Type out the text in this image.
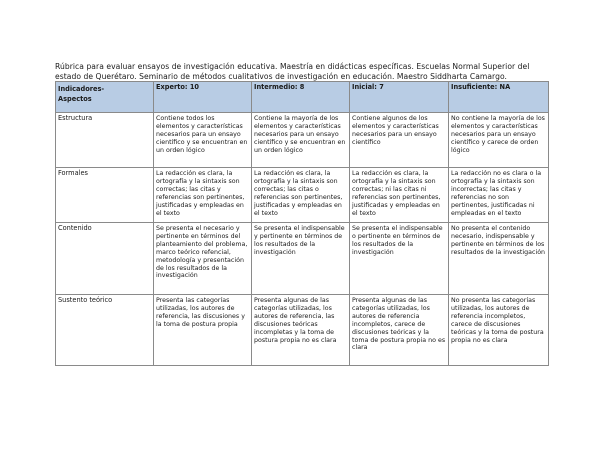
Rúbrica para evaluar ensayos de investigación educativa. Maestría en didácticas específicas. Escuelas Normal Superior del estado de Querétaro. Seminario de métodos cualitativos de investigación en educación. Maestro Siddharta Camargo.

Indicadores-
Aspectos	Experto: 10	Intermedio: 8	Inicial: 7	Insuficiente: NA
Estructura	Contiene todos los elementos y características necesarios para un ensayo científico y se encuentran en un orden lógico	Contiene la mayoría de los elementos y características necesarios para un ensayo científico y se encuentran en un orden lógico	Contiene algunos de los elementos y características necesarios para un ensayo científico	No contiene la mayoría de los elementos y características necesarios para un ensayo científico y carece de orden lógico
Formales	La redacción es clara, la ortografía y la sintaxis son correctas; las citas y referencias son pertinentes, justificadas y empleadas en el texto	La redacción es clara, la ortografía y la sintaxis son correctas; las citas o referencias son pertinentes, justificadas y empleadas en el texto	La redacción es clara, la ortografía y la sintaxis son correctas; ni las citas ni referencias son pertinentes, justificadas y empleadas en el texto	La redacción no es clara o la ortografía y la sintaxis son incorrectas; las citas y referencias no son pertinentes, justificadas ni empleadas en el texto
Contenido	Se presenta el necesario y pertinente en términos del planteamiento del problema, marco teórico refencial, metodología y presentación de los resultados de la investigación	Se presenta el indispensable y pertinente en términos de los resultados de la investigación	Se presenta el indispensable o pertinente en términos de los resultados de la investigación	No presenta el contenido necesario, indispensable y pertinente en términos de los resultados de la investigación
Sustento teórico	Presenta las categorías utilizadas, los autores de referencia, las discusiones y la toma de postura propia	Presenta algunas de las categorías utilizadas, los autores de referencia, las discusiones teóricas incompletas y la toma de postura propia no es clara	Presenta algunas de las categorías utilizadas, los autores de referencia incompletos, carece de discusiones teóricas y la toma de postura propia no es clara	No presenta las categorías utilizadas, los autores de referencia incompletos, carece de discusiones teóricas y la toma de postura propia no es clara
